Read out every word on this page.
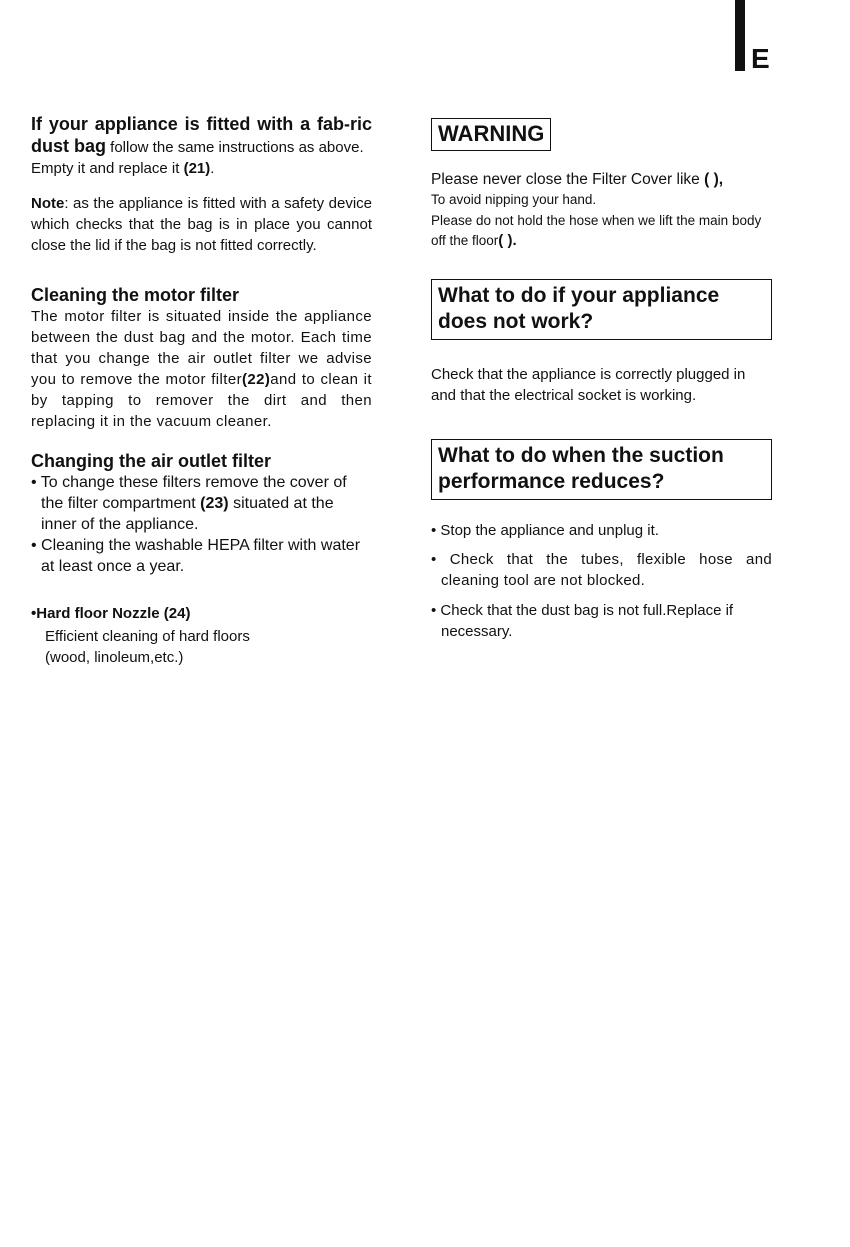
E

If your appliance is fitted with a fab-ric dust bag follow the same instructions as above.

Empty it and replace it (21).

Note: as the appliance is fitted with a safety device which checks that the bag is in place you cannot close the lid if the bag is not fitted correctly.

Cleaning the motor filter

The motor filter is situated inside the appliance between the dust bag and the motor. Each time that you change the air outlet filter we advise you to remove the motor filter(22)and to clean it by tapping to remover the dirt and then replacing it in the vacuum cleaner.

Changing the air outlet filter

• To change these filters remove the cover of the filter compartment (23) situated at the inner of the appliance.

• Cleaning the washable HEPA filter with water at least once a year.

•Hard floor Nozzle (24)

Efficient cleaning of hard floors

(wood, linoleum,etc.)

WARNING

Please never close the Filter Cover like ( ),

To avoid nipping your hand.

Please do not hold the hose when we lift the main body off the floor( ).

What to do if your appliance does not work?

Check that the appliance is correctly plugged in and that the electrical socket is working.

What to do when the suction performance reduces?

• Stop the appliance and unplug it.

• Check that the tubes, flexible hose and cleaning tool are not blocked.

• Check that the dust bag is not full.Replace if necessary.
